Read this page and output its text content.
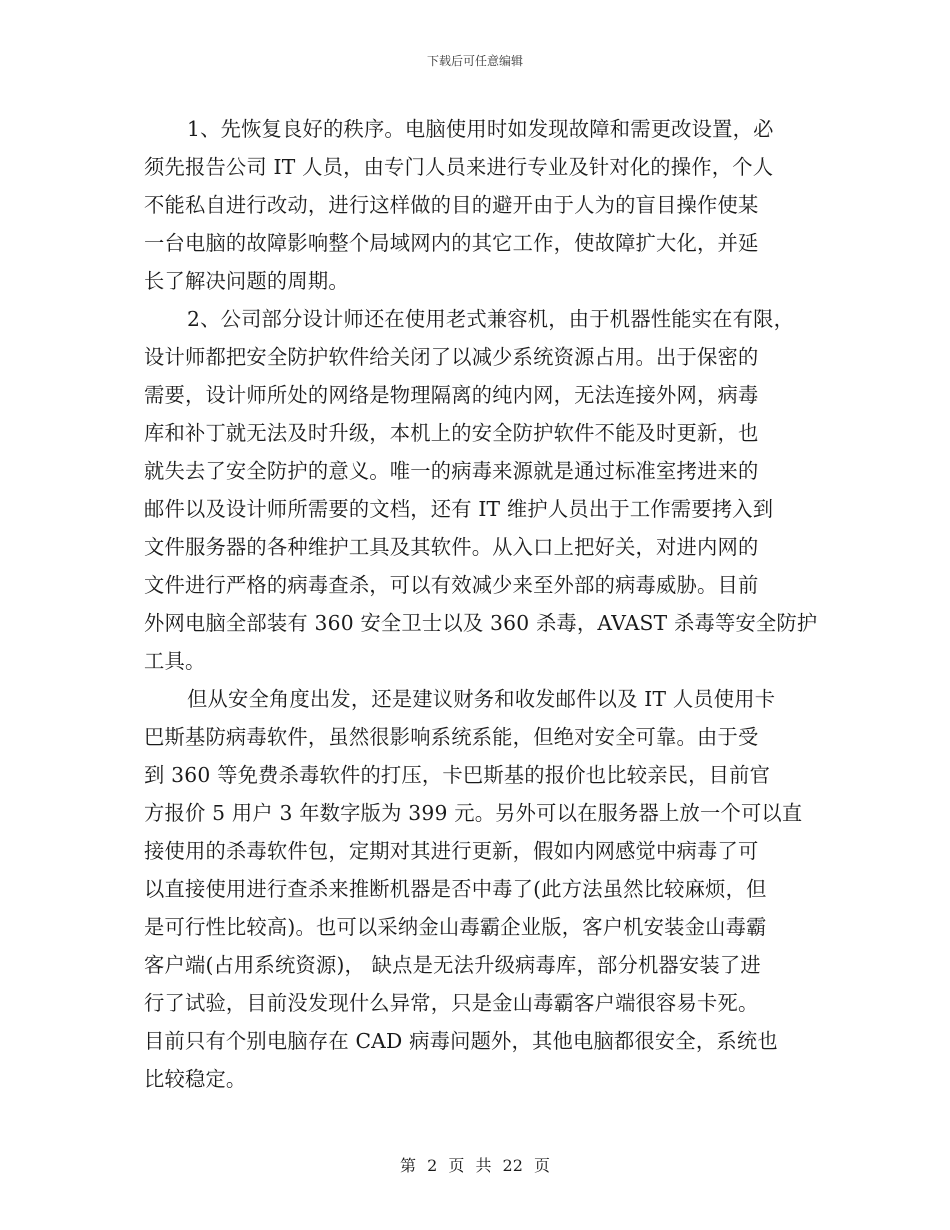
下载后可任意编辑
1、先恢复良好的秩序。电脑使用时如发现故障和需更改设置，必
须先报告公司 IT 人员，由专门人员来进行专业及针对化的操作，个人
不能私自进行改动，进行这样做的目的避开由于人为的盲目操作使某
一台电脑的故障影响整个局域网内的其它工作，使故障扩大化，并延
长了解决问题的周期。
2、公司部分设计师还在使用老式兼容机，由于机器性能实在有限，
设计师都把安全防护软件给关闭了以减少系统资源占用。出于保密的
需要，设计师所处的网络是物理隔离的纯内网，无法连接外网，病毒
库和补丁就无法及时升级，本机上的安全防护软件不能及时更新，也
就失去了安全防护的意义。唯一的病毒来源就是通过标准室拷进来的
邮件以及设计师所需要的文档，还有 IT 维护人员出于工作需要拷入到
文件服务器的各种维护工具及其软件。从入口上把好关，对进内网的
文件进行严格的病毒查杀，可以有效减少来至外部的病毒威胁。目前
外网电脑全部装有 360 安全卫士以及 360 杀毒，AVAST 杀毒等安全防护
工具。
但从安全角度出发，还是建议财务和收发邮件以及 IT 人员使用卡
巴斯基防病毒软件，虽然很影响系统系能，但绝对安全可靠。由于受
到 360 等免费杀毒软件的打压，卡巴斯基的报价也比较亲民，目前官
方报价 5 用户 3 年数字版为 399 元。另外可以在服务器上放一个可以直
接使用的杀毒软件包，定期对其进行更新，假如内网感觉中病毒了可
以直接使用进行查杀来推断机器是否中毒了(此方法虽然比较麻烦，但
是可行性比较高)。也可以采纳金山毒霸企业版，客户机安装金山毒霸
客户端(占用系统资源)， 缺点是无法升级病毒库，部分机器安装了进
行了试验，目前没发现什么异常，只是金山毒霸客户端很容易卡死。
目前只有个别电脑存在 CAD 病毒问题外，其他电脑都很安全，系统也
比较稳定。
第 2 页 共 22 页
